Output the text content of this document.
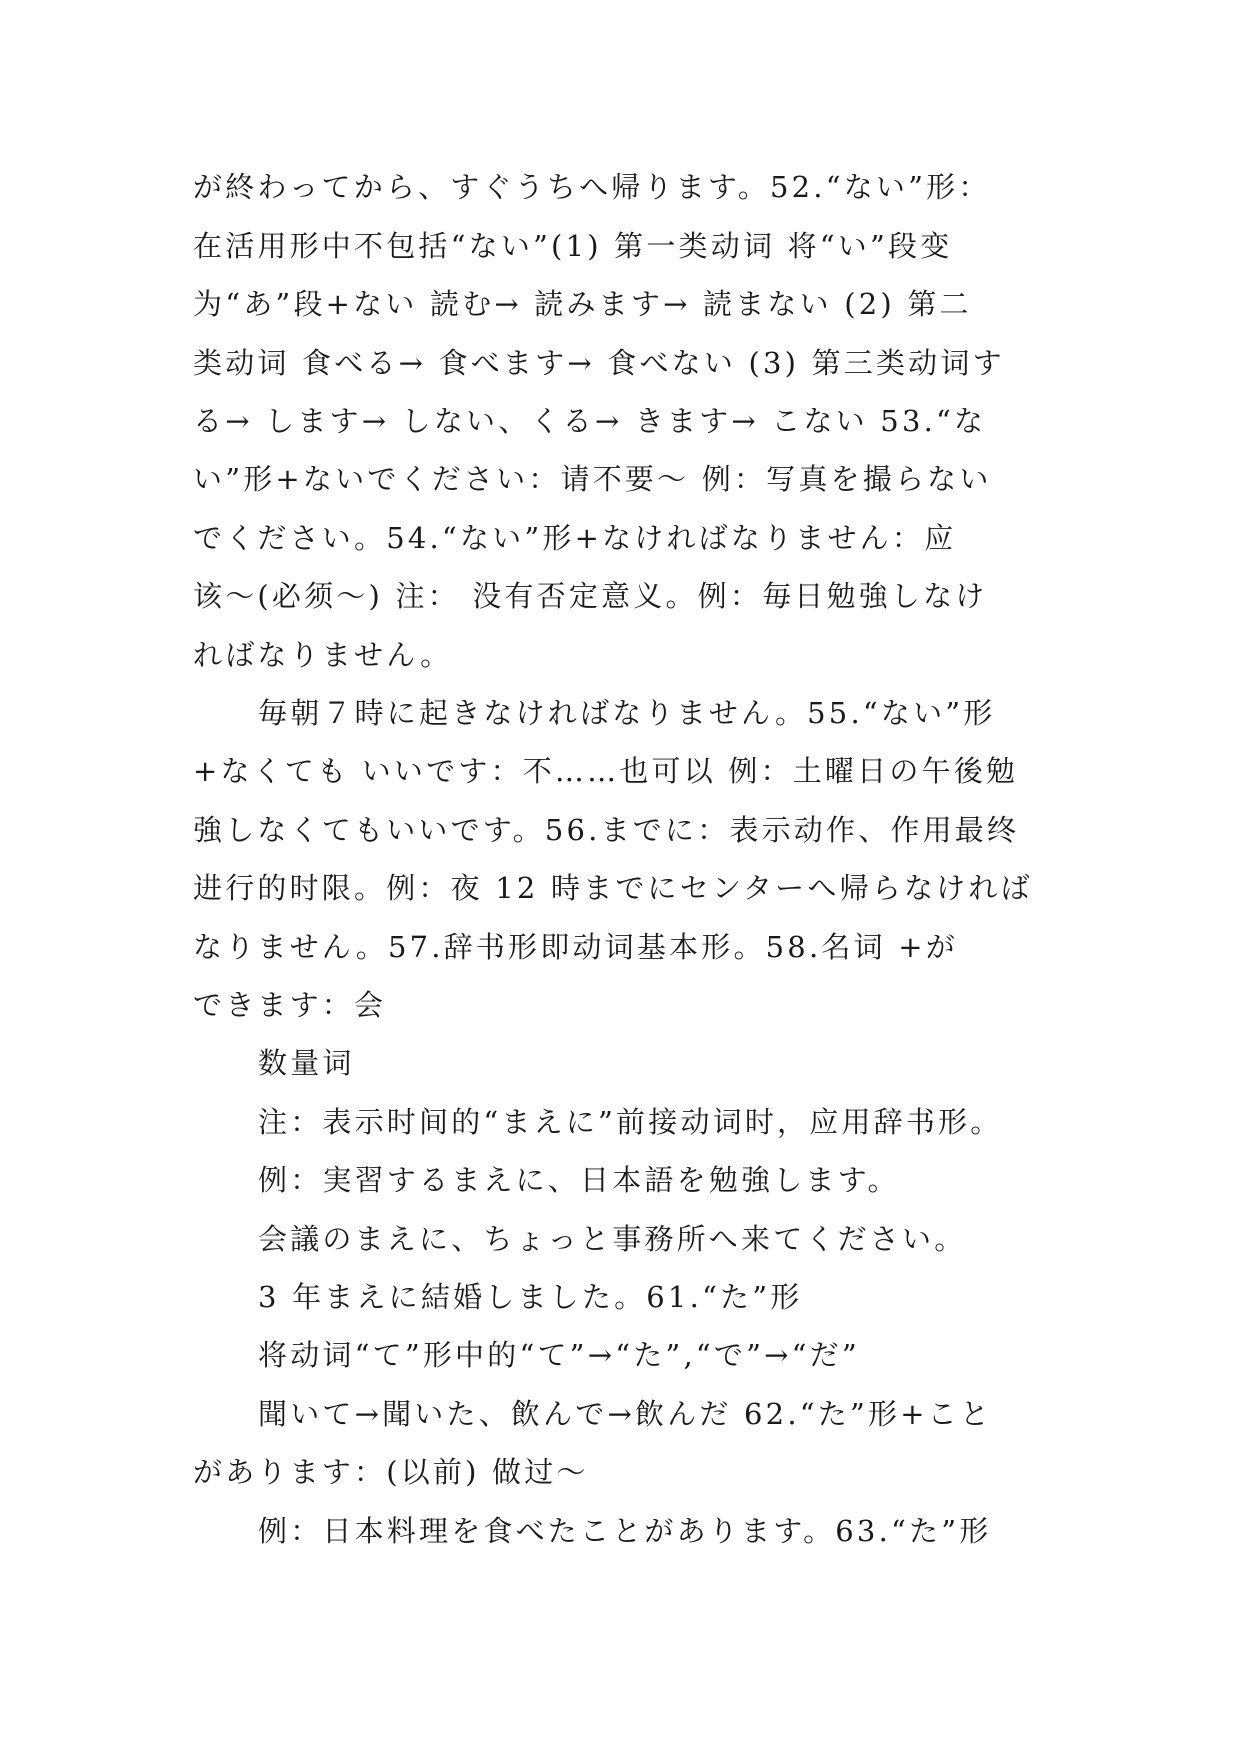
が終わってから、すぐうちへ帰ります。52.“ない”形：
在活用形中不包括“ない”(1) 第一类动词 将“い”段变
为“あ”段+ない 読む→ 読みます→ 読まない (2) 第二
类动词 食べる→ 食べます→ 食べない (3) 第三类动词す
る→ します→ しない、くる→ きます→ こない 53.“な
い”形+ないでください：请不要～ 例：写真を撮らない
でください。54.“ない”形+なければなりません：应
该～(必须～) 注： 没有否定意义。例：毎日勉強しなけ
ればなりません。
毎朝７時に起きなければなりません。55.“ない”形
+なくても いいです：不……也可以 例：土曜日の午後勉
強しなくてもいいです。56.までに：表示动作、作用最终
进行的时限。例：夜 12 時までにセンターへ帰らなければ
なりません。57.辞书形即动词基本形。58.名词 +が
できます：会
数量词
注：表示时间的“まえに”前接动词时，应用辞书形。
例：実習するまえに、日本語を勉強します。
会議のまえに、ちょっと事務所へ来てください。
3 年まえに結婚しました。61.“た”形
将动词“て”形中的“て”→“た”,“で”→“だ”
聞いて→聞いた、飲んで→飲んだ 62.“た”形+こと
があります：(以前) 做过～
例：日本料理を食べたことがあります。63.“た”形
